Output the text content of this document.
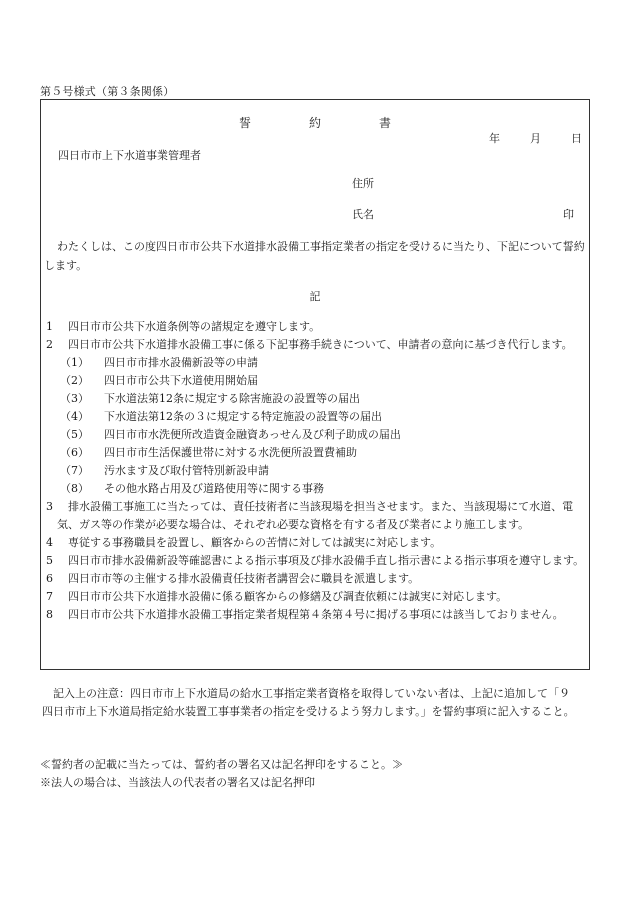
第５号様式（第３条関係）
誓	約	書
年	月	日
四日市市上下水道事業管理者
住所
氏名	印
わたくしは、この度四日市市公共下水道排水設備工事指定業者の指定を受けるに当たり、下記について誓約します。
記
1 四日市市公共下水道条例等の諸規定を遵守します。
2 四日市市公共下水道排水設備工事に係る下記事務手続きについて、申請者の意向に基づき代行します。
（1） 四日市市排水設備新設等の申請
（2） 四日市市公共下水道使用開始届
（3） 下水道法第12条に規定する除害施設の設置等の届出
（4） 下水道法第12条の３に規定する特定施設の設置等の届出
（5） 四日市市水洗便所改造資金融資あっせん及び利子助成の届出
（6） 四日市市生活保護世帯に対する水洗便所設置費補助
（7） 汚水ます及び取付管特別新設申請
（8） その他水路占用及び道路使用等に関する事務
3 排水設備工事施工に当たっては、責任技術者に当該現場を担当させます。また、当該現場にて水道、電気、ガス等の作業が必要な場合は、それぞれ必要な資格を有する者及び業者により施工します。
4 専従する事務職員を設置し、顧客からの苦情に対しては誠実に対応します。
5 四日市市排水設備新設等確認書による指示事項及び排水設備手直し指示書による指示事項を遵守します。
6 四日市市等の主催する排水設備責任技術者講習会に職員を派遣します。
7 四日市市公共下水道排水設備に係る顧客からの修繕及び調査依頼には誠実に対応します。
8 四日市市公共下水道排水設備工事指定業者規程第４条第４号に掲げる事項には該当しておりません。
記入上の注意：四日市市上下水道局の給水工事指定業者資格を取得していない者は、上記に追加して「９　四日市市上下水道局指定給水装置工事事業者の指定を受けるよう努力します。」を誓約事項に記入すること。
≪誓約者の記載に当たっては、誓約者の署名又は記名押印をすること。≫
※法人の場合は、当該法人の代表者の署名又は記名押印
